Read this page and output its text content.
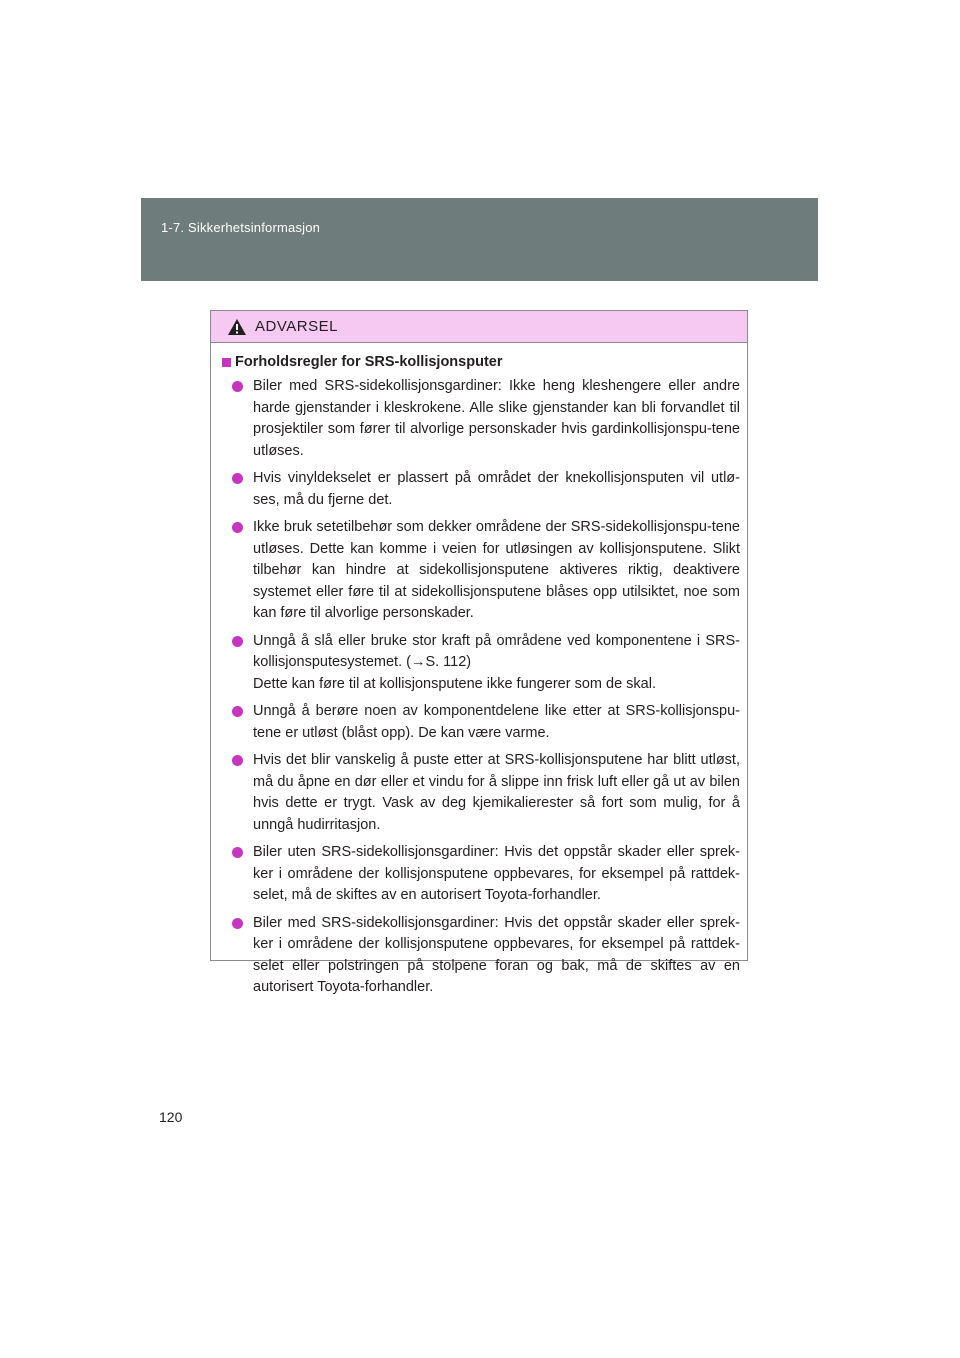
1-7. Sikkerhetsinformasjon
ADVARSEL
Forholdsregler for SRS-kollisjonsputer
Biler med SRS-sidekollisjonsgardiner: Ikke heng kleshengere eller andre harde gjenstander i kleskrokene. Alle slike gjenstander kan bli forvandlet til prosjektiler som fører til alvorlige personskader hvis gardinkollisjonspu-tene utløses.
Hvis vinyldekselet er plassert på området der knekollisjonsputen vil utlø-ses, må du fjerne det.
Ikke bruk setetilbehør som dekker områdene der SRS-sidekollisjonspu-tene utløses. Dette kan komme i veien for utløsingen av kollisjonsputene. Slikt tilbehør kan hindre at sidekollisjonsputene aktiveres riktig, deaktivere systemet eller føre til at sidekollisjonsputene blåses opp utilsiktet, noe som kan føre til alvorlige personskader.
Unngå å slå eller bruke stor kraft på områdene ved komponentene i SRS-kollisjonsputesystemet. (→S. 112)
Dette kan føre til at kollisjonsputene ikke fungerer som de skal.
Unngå å berøre noen av komponentdelene like etter at SRS-kollisjonspu-tene er utløst (blåst opp). De kan være varme.
Hvis det blir vanskelig å puste etter at SRS-kollisjonsputene har blitt utløst, må du åpne en dør eller et vindu for å slippe inn frisk luft eller gå ut av bilen hvis dette er trygt. Vask av deg kjemikalierester så fort som mulig, for å unngå hudirritasjon.
Biler uten SRS-sidekollisjonsgardiner: Hvis det oppstår skader eller sprek-ker i områdene der kollisjonsputene oppbevares, for eksempel på rattdek-selet, må de skiftes av en autorisert Toyota-forhandler.
Biler med SRS-sidekollisjonsgardiner: Hvis det oppstår skader eller sprek-ker i områdene der kollisjonsputene oppbevares, for eksempel på rattdek-selet eller polstringen på stolpene foran og bak, må de skiftes av en autorisert Toyota-forhandler.
120
